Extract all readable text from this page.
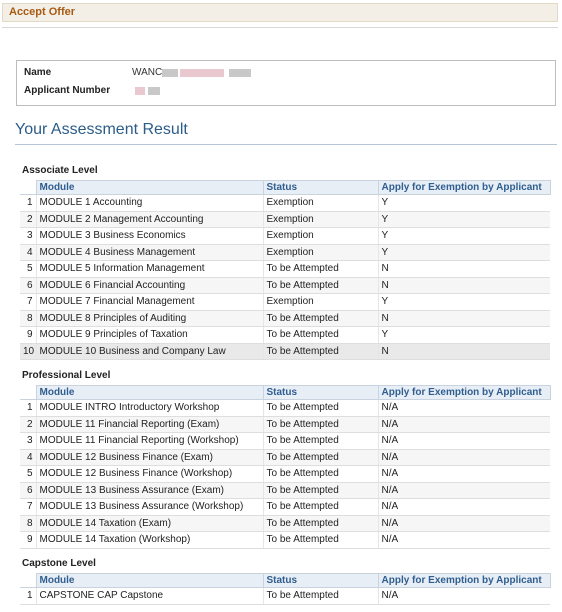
Accept Offer
Name	WANC
Applicant Number
Your Assessment Result
Associate Level
	Module	Status	Apply for Exemption by Applicant
1	MODULE 1 Accounting	Exemption	Y
2	MODULE 2 Management Accounting	Exemption	Y
3	MODULE 3 Business Economics	Exemption	Y
4	MODULE 4 Business Management	Exemption	Y
5	MODULE 5 Information Management	To be Attempted	N
6	MODULE 6 Financial Accounting	To be Attempted	N
7	MODULE 7 Financial Management	Exemption	Y
8	MODULE 8 Principles of Auditing	To be Attempted	N
9	MODULE 9 Principles of Taxation	To be Attempted	Y
10	MODULE 10 Business and Company Law	To be Attempted	N
Professional Level
	Module	Status	Apply for Exemption by Applicant
1	MODULE INTRO Introductory Workshop	To be Attempted	N/A
2	MODULE 11 Financial Reporting (Exam)	To be Attempted	N/A
3	MODULE 11 Financial Reporting (Workshop)	To be Attempted	N/A
4	MODULE 12 Business Finance (Exam)	To be Attempted	N/A
5	MODULE 12 Business Finance (Workshop)	To be Attempted	N/A
6	MODULE 13 Business Assurance (Exam)	To be Attempted	N/A
7	MODULE 13 Business Assurance (Workshop)	To be Attempted	N/A
8	MODULE 14 Taxation (Exam)	To be Attempted	N/A
9	MODULE 14 Taxation (Workshop)	To be Attempted	N/A
Capstone Level
	Module	Status	Apply for Exemption by Applicant
1	CAPSTONE CAP Capstone	To be Attempted	N/A
